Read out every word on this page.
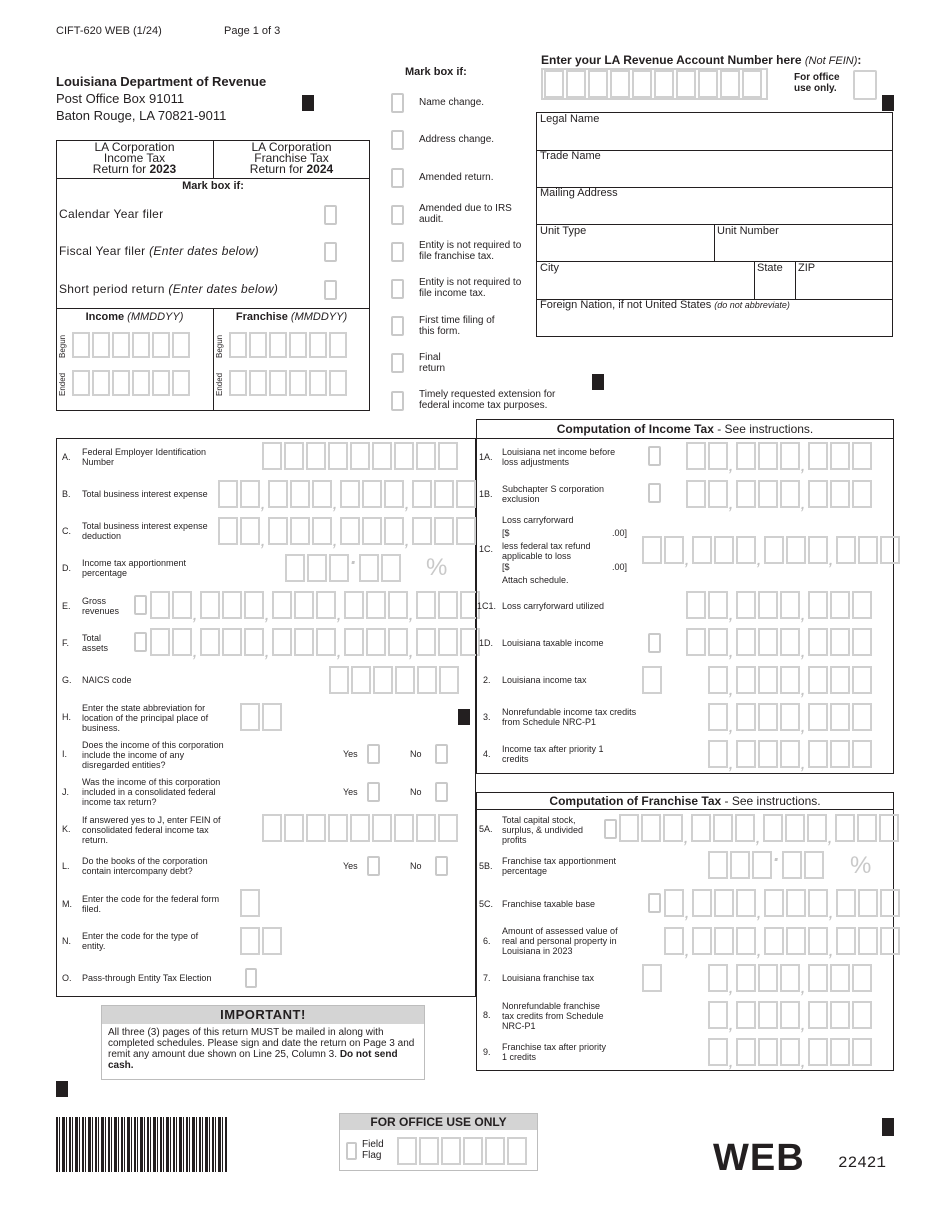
CIFT-620 WEB (1/24)	Page 1 of 3
Louisiana Department of Revenue
Post Office Box 91011
Baton Rouge, LA 70821-9011
LA Corporation
Income Tax
Return for 2023
LA Corporation
Franchise Tax
Return for 2024
Mark box if:
Calendar Year filer
Fiscal Year filer (Enter dates below)
Short period return (Enter dates below)
Income (MMDDYY)	Franchise (MMDDYY)
Begun
Ended
Begun
Ended
Mark box if:
Name change.
Address change.
Amended return.
Amended due to IRS audit.
Entity is not required to file franchise tax.
Entity is not required to file income tax.
First time filing of this form.
Final return
Timely requested extension for federal income tax purposes.
Enter your LA Revenue Account Number here (Not FEIN):
For office
use only.
Legal Name
Trade Name
Mailing Address
Unit Type	Unit Number
City	State ZIP
Foreign Nation, if not United States (do not abbreviate)
A. Federal Employer Identification Number
B. Total business interest expense
,
,
,
C. Total business interest expense deduction
,
,
,
D. Income tax apportionment percentage	%
E. Gross revenues
,
,
,
,
F. Total assets
,
,
,
,
G. NAICS code
H.
Enter the state abbreviation for location of the principal place of business.
I.
Does the income of this corporation include the income of any disregarded entities?
Yes	No
J.
Was the income of this corporation included in a consolidated federal income tax return?
Yes	No
K.
If answered yes to J, enter FEIN of consolidated federal income tax return.
L. Do the books of the corporation contain intercompany debt?	Yes	No
M. Enter the code for the federal form filed.
N. Enter the code for the type of entity.
O. Pass-through Entity Tax Election
Computation of Income Tax - See instructions.
1A. Louisiana net income before loss adjustments
,
,
1B. Subchapter S corporation exclusion
,
,
1C.
Loss carryforward
[$	.00]
less federal tax refund applicable to loss
[$	.00]
Attach schedule.
,
,
,
1C1. Loss carryforward utilized
,
,
1D. Louisiana taxable income
,
,
2. Louisiana income tax
,
,
3. Nonrefundable income tax credits from Schedule NRC-P1
,
,
4. Income tax after priority 1 credits
,
,
Computation of Franchise Tax - See instructions.
5A.
Total capital stock, surplus, & undivided profits
,
,
,
5B. Franchise tax apportionment percentage	%
5C. Franchise taxable base
,
,
,
6.
Amount of assessed value of real and personal property in Louisiana in 2023
,
,
,
7. Louisiana franchise tax
,
,
8.
Nonrefundable franchise tax credits from Schedule NRC-P1
,
,
9. Franchise tax after priority 1 credits
,
,
IMPORTANT!
All three (3) pages of this return MUST be mailed in along with completed schedules. Please sign and date the return on Page 3 and remit any amount due shown on Line 25, Column 3. Do not send cash.
FOR OFFICE USE ONLY
Field
Flag	WEB 22421
